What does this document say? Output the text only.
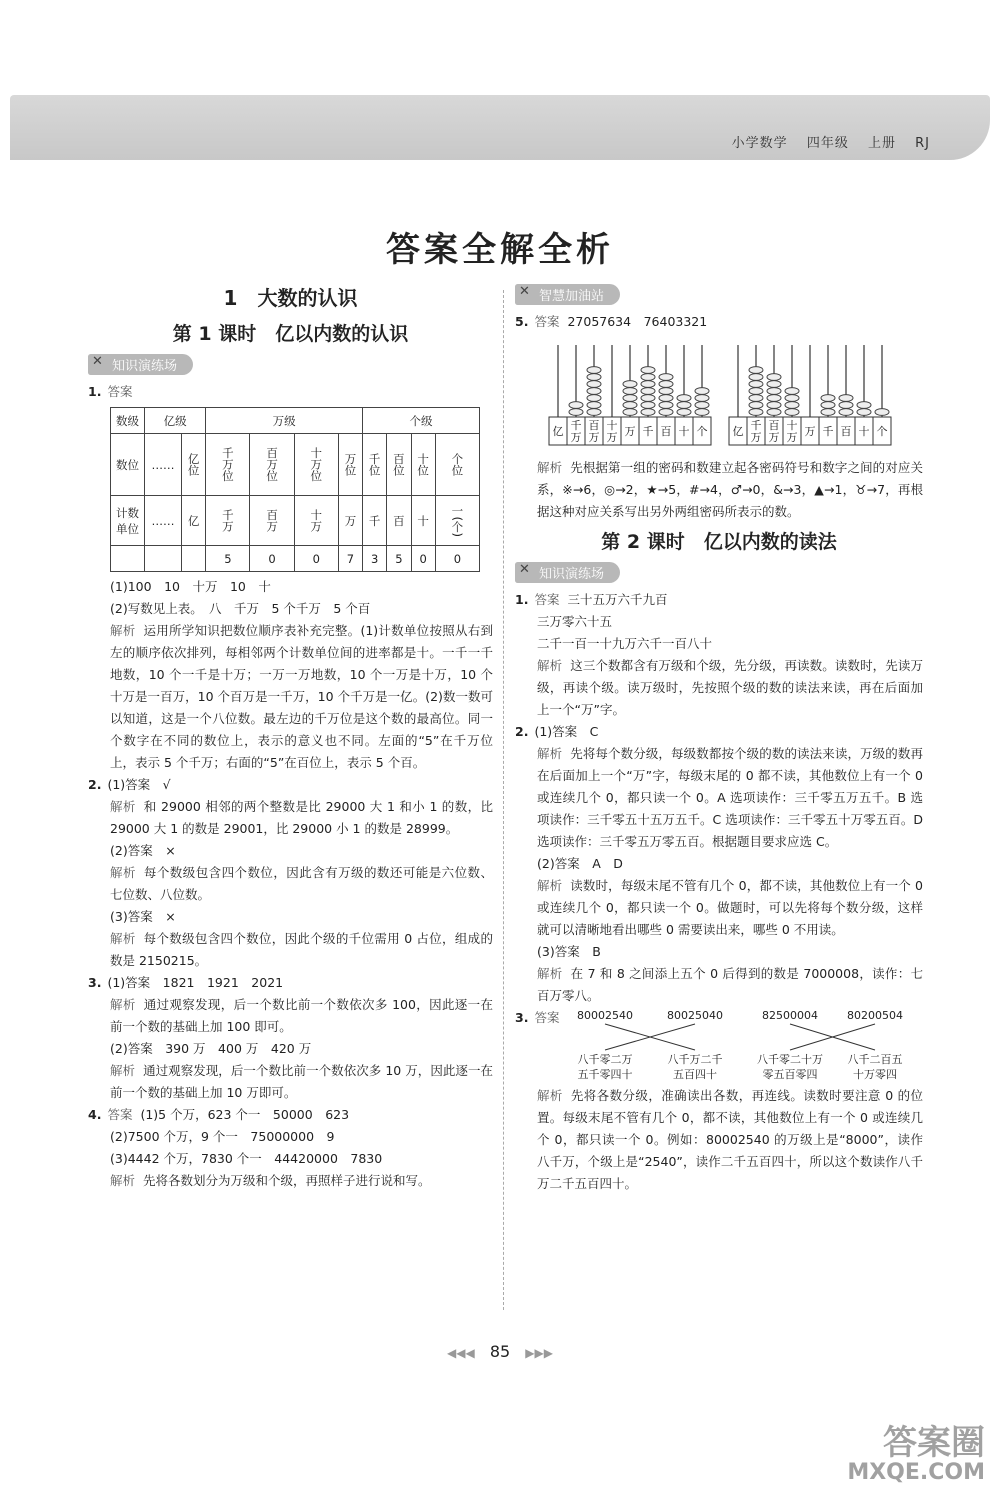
小学数学 四年级 上册 RJ
答案全解全析
1　 大数的认识
第 1 课时　亿以内数的认识
✕ 知识演练场

1. 答案

数级	亿级		万级				个级			
数位	……	亿位	千万位	百万位	十万位	万位	千位	百位	十位	个位
计数单位	……	亿	千万	百万	十万	万	千	百	十	一(个)
			5	0	0	7	3	5	0	0

(1)100　10　十万　10　十

(2)写数见上表。　八　千万　5 个千万　5 个百

解析 运用所学知识把数位顺序表补充完整。(1)计数单位按照从右到左的顺序依次排列，每相邻两个计数单位间的进率都是十。一千一千地数，10 个一千是十万；一万一万地数，10 个一万是十万，10 个十万是一百万，10 个百万是一千万，10 个千万是一亿。(2)数一数可以知道，这是一个八位数。最左边的千万位是这个数的最高位。同一个数字在不同的数位上，表示的意义也不同。左面的“5”在千万位上，表示 5 个千万；右面的“5”在百位上，表示 5 个百。

2. (1)答案　√

解析 和 29000 相邻的两个整数是比 29000 大 1 和小 1 的数，比 29000 大 1 的数是 29001，比 29000 小 1 的数是 28999。

(2)答案　×

解析 每个数级包含四个数位，因此含有万级的数还可能是六位数、七位数、八位数。

(3)答案　×

解析 每个数级包含四个数位，因此个级的千位需用 0 占位，组成的数是 2150215。

3. (1)答案　1821　1921　2021

解析 通过观察发现，后一个数比前一个数依次多 100，因此逐一在前一个数的基础上加 100 即可。

(2)答案　390 万　400 万　420 万

解析 通过观察发现，后一个数比前一个数依次多 10 万，因此逐一在前一个数的基础上加 10 万即可。

4. 答案 (1)5 个万，623 个一　50000　623

(2)7500 个万，9 个一　75000000　9

(3)4442 个万，7830 个一　44420000　7830

解析 先将各数划分为万级和个级，再照样子进行说和写。

✕ 智慧加油站

5. 答案 27057634　76403321

亿 千
万
百
万
十
万 万 千 百 十 个 亿 千
万
百
万
十
万 万 千 百 十 个

解析 先根据第一组的密码和数建立起各密码符号和数字之间的对应关系，※→6，◎→2，★→5，#→4，♂→0，&→3，▲→1，♉→7，再根据这种对应关系写出另外两组密码所表示的数。

第 2 课时　亿以内数的读法
✕ 知识演练场

1. 答案 三十五万六千九百

三万零六十五

二千一百一十九万六千一百八十

解析 这三个数都含有万级和个级，先分级，再读数。读数时，先读万级，再读个级。读万级时，先按照个级的数的读法来读，再在后面加上一个“万”字。

2. (1)答案　C

解析 先将每个数分级，每级数都按个级的数的读法来读，万级的数再在后面加上一个“万”字，每级末尾的 0 都不读，其他数位上有一个 0 或连续几个 0，都只读一个 0。A 选项读作：三千零五万五千。B 选项读作：三千零五十五万五千。C 选项读作：三千零五十万零五百。D 选项读作：三千零五万零五百。根据题目要求应选 C。

(2)答案　A　D

解析 读数时，每级末尾不管有几个 0，都不读，其他数位上有一个 0 或连续几个 0，都只读一个 0。做题时，可以先将每个数分级，这样就可以清晰地看出哪些 0 需要读出来，哪些 0 不用读。

(3)答案　B

解析 在 7 和 8 之间添上五个 0 后得到的数是 7000008，读作：七百万零八。

3. 答案	80002540	80025040	82500004	80200504
八千零二万
五千零四十
八千万二千
五百四十
八千零二十万
零五百零四
八千二百五
十万零四

解析 先将各数分级，准确读出各数，再连线。读数时要注意 0 的位置。每级末尾不管有几个 0，都不读，其他数位上有一个 0 或连续几个 0，都只读一个 0。例如：80002540 的万级上是“8000”，读作八千万，个级上是“2540”，读作二千五百四十，所以这个数读作八千万二千五百四十。

◀◀◀ 85 ▶▶▶
答案圈
MXQE.COM
